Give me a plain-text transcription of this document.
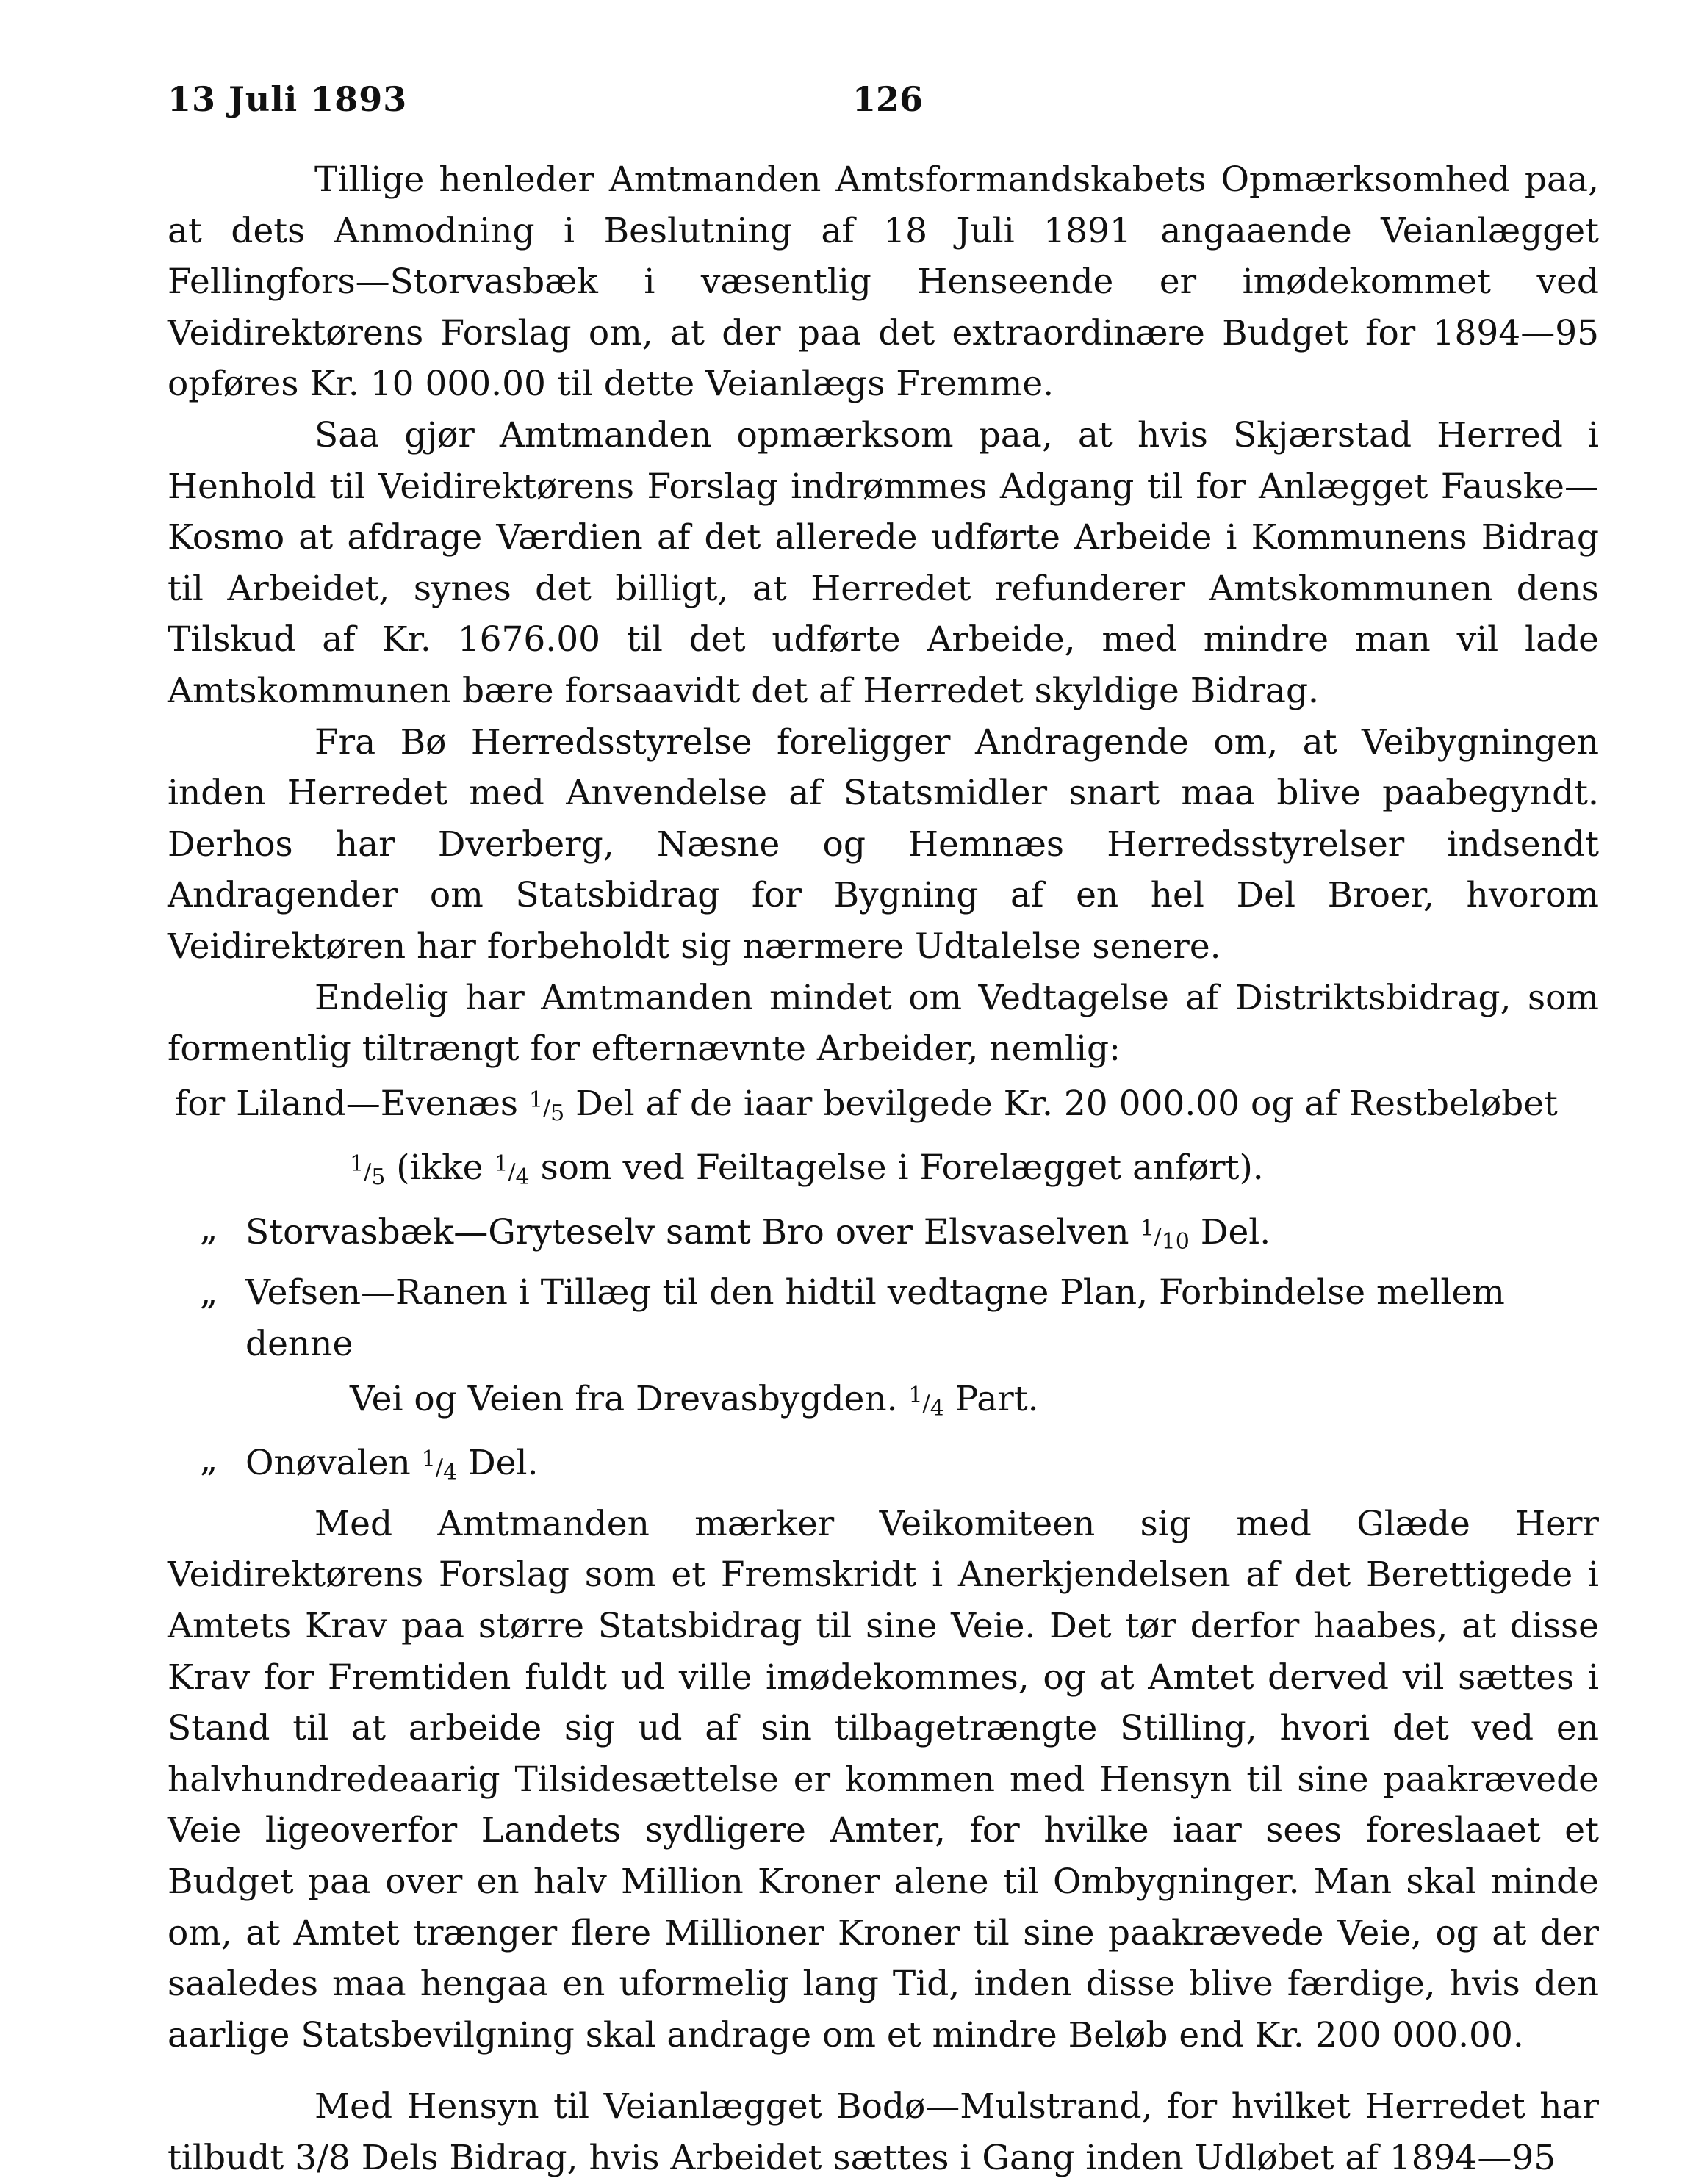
13 Juli 1893	126

Tillige henleder Amtmanden Amtsformandskabets Opmærksomhed paa, at dets Anmodning i Beslutning af 18 Juli 1891 angaaende Veianlægget Fellingfors—Storvasbæk i væsentlig Henseende er imødekommet ved Veidirektørens Forslag om, at der paa det extraordinære Budget for 1894—95 opføres Kr. 10 000.00 til dette Veianlægs Fremme.

Saa gjør Amtmanden opmærksom paa, at hvis Skjærstad Herred i Henhold til Veidirektørens Forslag indrømmes Adgang til for Anlægget Fauske—Kosmo at afdrage Værdien af det allerede udførte Arbeide i Kommunens Bidrag til Arbeidet, synes det billigt, at Herredet refunderer Amtskommunen dens Tilskud af Kr. 1676.00 til det udførte Arbeide, med mindre man vil lade Amtskommunen bære forsaavidt det af Herredet skyldige Bidrag.

Fra Bø Herredsstyrelse foreligger Andragende om, at Veibygningen inden Herredet med Anvendelse af Statsmidler snart maa blive paabegyndt. Derhos har Dverberg, Næsne og Hemnæs Herredsstyrelser indsendt Andragender om Statsbidrag for Bygning af en hel Del Broer, hvorom Veidirektøren har forbeholdt sig nærmere Udtalelse senere.

Endelig har Amtmanden mindet om Vedtagelse af Distriktsbidrag, som formentlig tiltrængt for efternævnte Arbeider, nemlig:

for Liland—Evenæs $^1/_5$ Del af de iaar bevilgede Kr. 20 000.00 og af Restbeløbet
$^1/_5$ (ikke $^1/_4$ som ved Feiltagelse i Forelægget anført).
„ Storvasbæk—Gryteselv samt Bro over Elsvaselven $^1/_{10}$ Del.
„ Vefsen—Ranen i Tillæg til den hidtil vedtagne Plan, Forbindelse mellem denne
Vei og Veien fra Drevasbygden. $^1/_4$ Part.
„ Onøvalen $^1/_4$ Del.

Med Amtmanden mærker Veikomiteen sig med Glæde Herr Veidirektørens Forslag som et Fremskridt i Anerkjendelsen af det Berettigede i Amtets Krav paa større Statsbidrag til sine Veie. Det tør derfor haabes, at disse Krav for Fremtiden fuldt ud ville imødekommes, og at Amtet derved vil sættes i Stand til at arbeide sig ud af sin tilbagetrængte Stilling, hvori det ved en halvhundredeaarig Tilsidesættelse er kommen med Hensyn til sine paakrævede Veie ligeoverfor Landets sydligere Amter, for hvilke iaar sees foreslaaet et Budget paa over en halv Million Kroner alene til Ombygninger. Man skal minde om, at Amtet trænger flere Millioner Kroner til sine paakrævede Veie, og at der saaledes maa hengaa en uformelig lang Tid, inden disse blive færdige, hvis den aarlige Statsbevilgning skal andrage om et mindre Beløb end Kr. 200 000.00.

Med Hensyn til Veianlægget Bodø—Mulstrand, for hvilket Herredet har tilbudt 3/8 Dels Bidrag, hvis Arbeidet sættes i Gang inden Udløbet af 1894—95
